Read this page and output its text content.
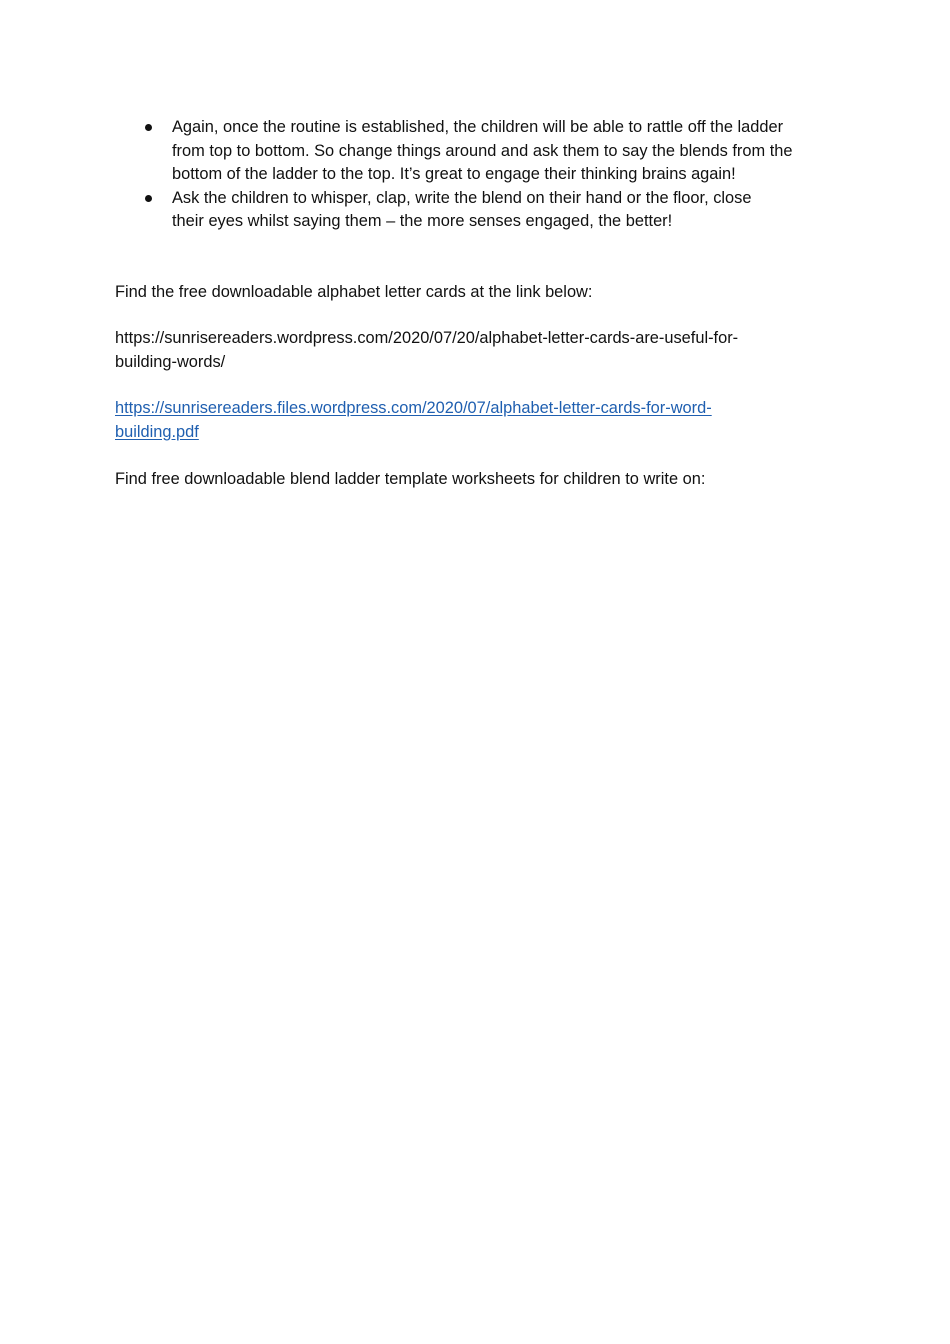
Again, once the routine is established, the children will be able to rattle off the ladder
from top to bottom. So change things around and ask them to say the blends from the
bottom of the ladder to the top. It’s great to engage their thinking brains again!
Ask the children to whisper, clap, write the blend on their hand or the floor, close
their eyes whilst saying them – the more senses engaged, the better!

Find the free downloadable alphabet letter cards at the link below:

https://sunrisereaders.wordpress.com/2020/07/20/alphabet-letter-cards-are-useful-for-
building-words/

https://sunrisereaders.files.wordpress.com/2020/07/alphabet-letter-cards-for-word-
building.pdf

Find free downloadable blend ladder template worksheets for children to write on:
